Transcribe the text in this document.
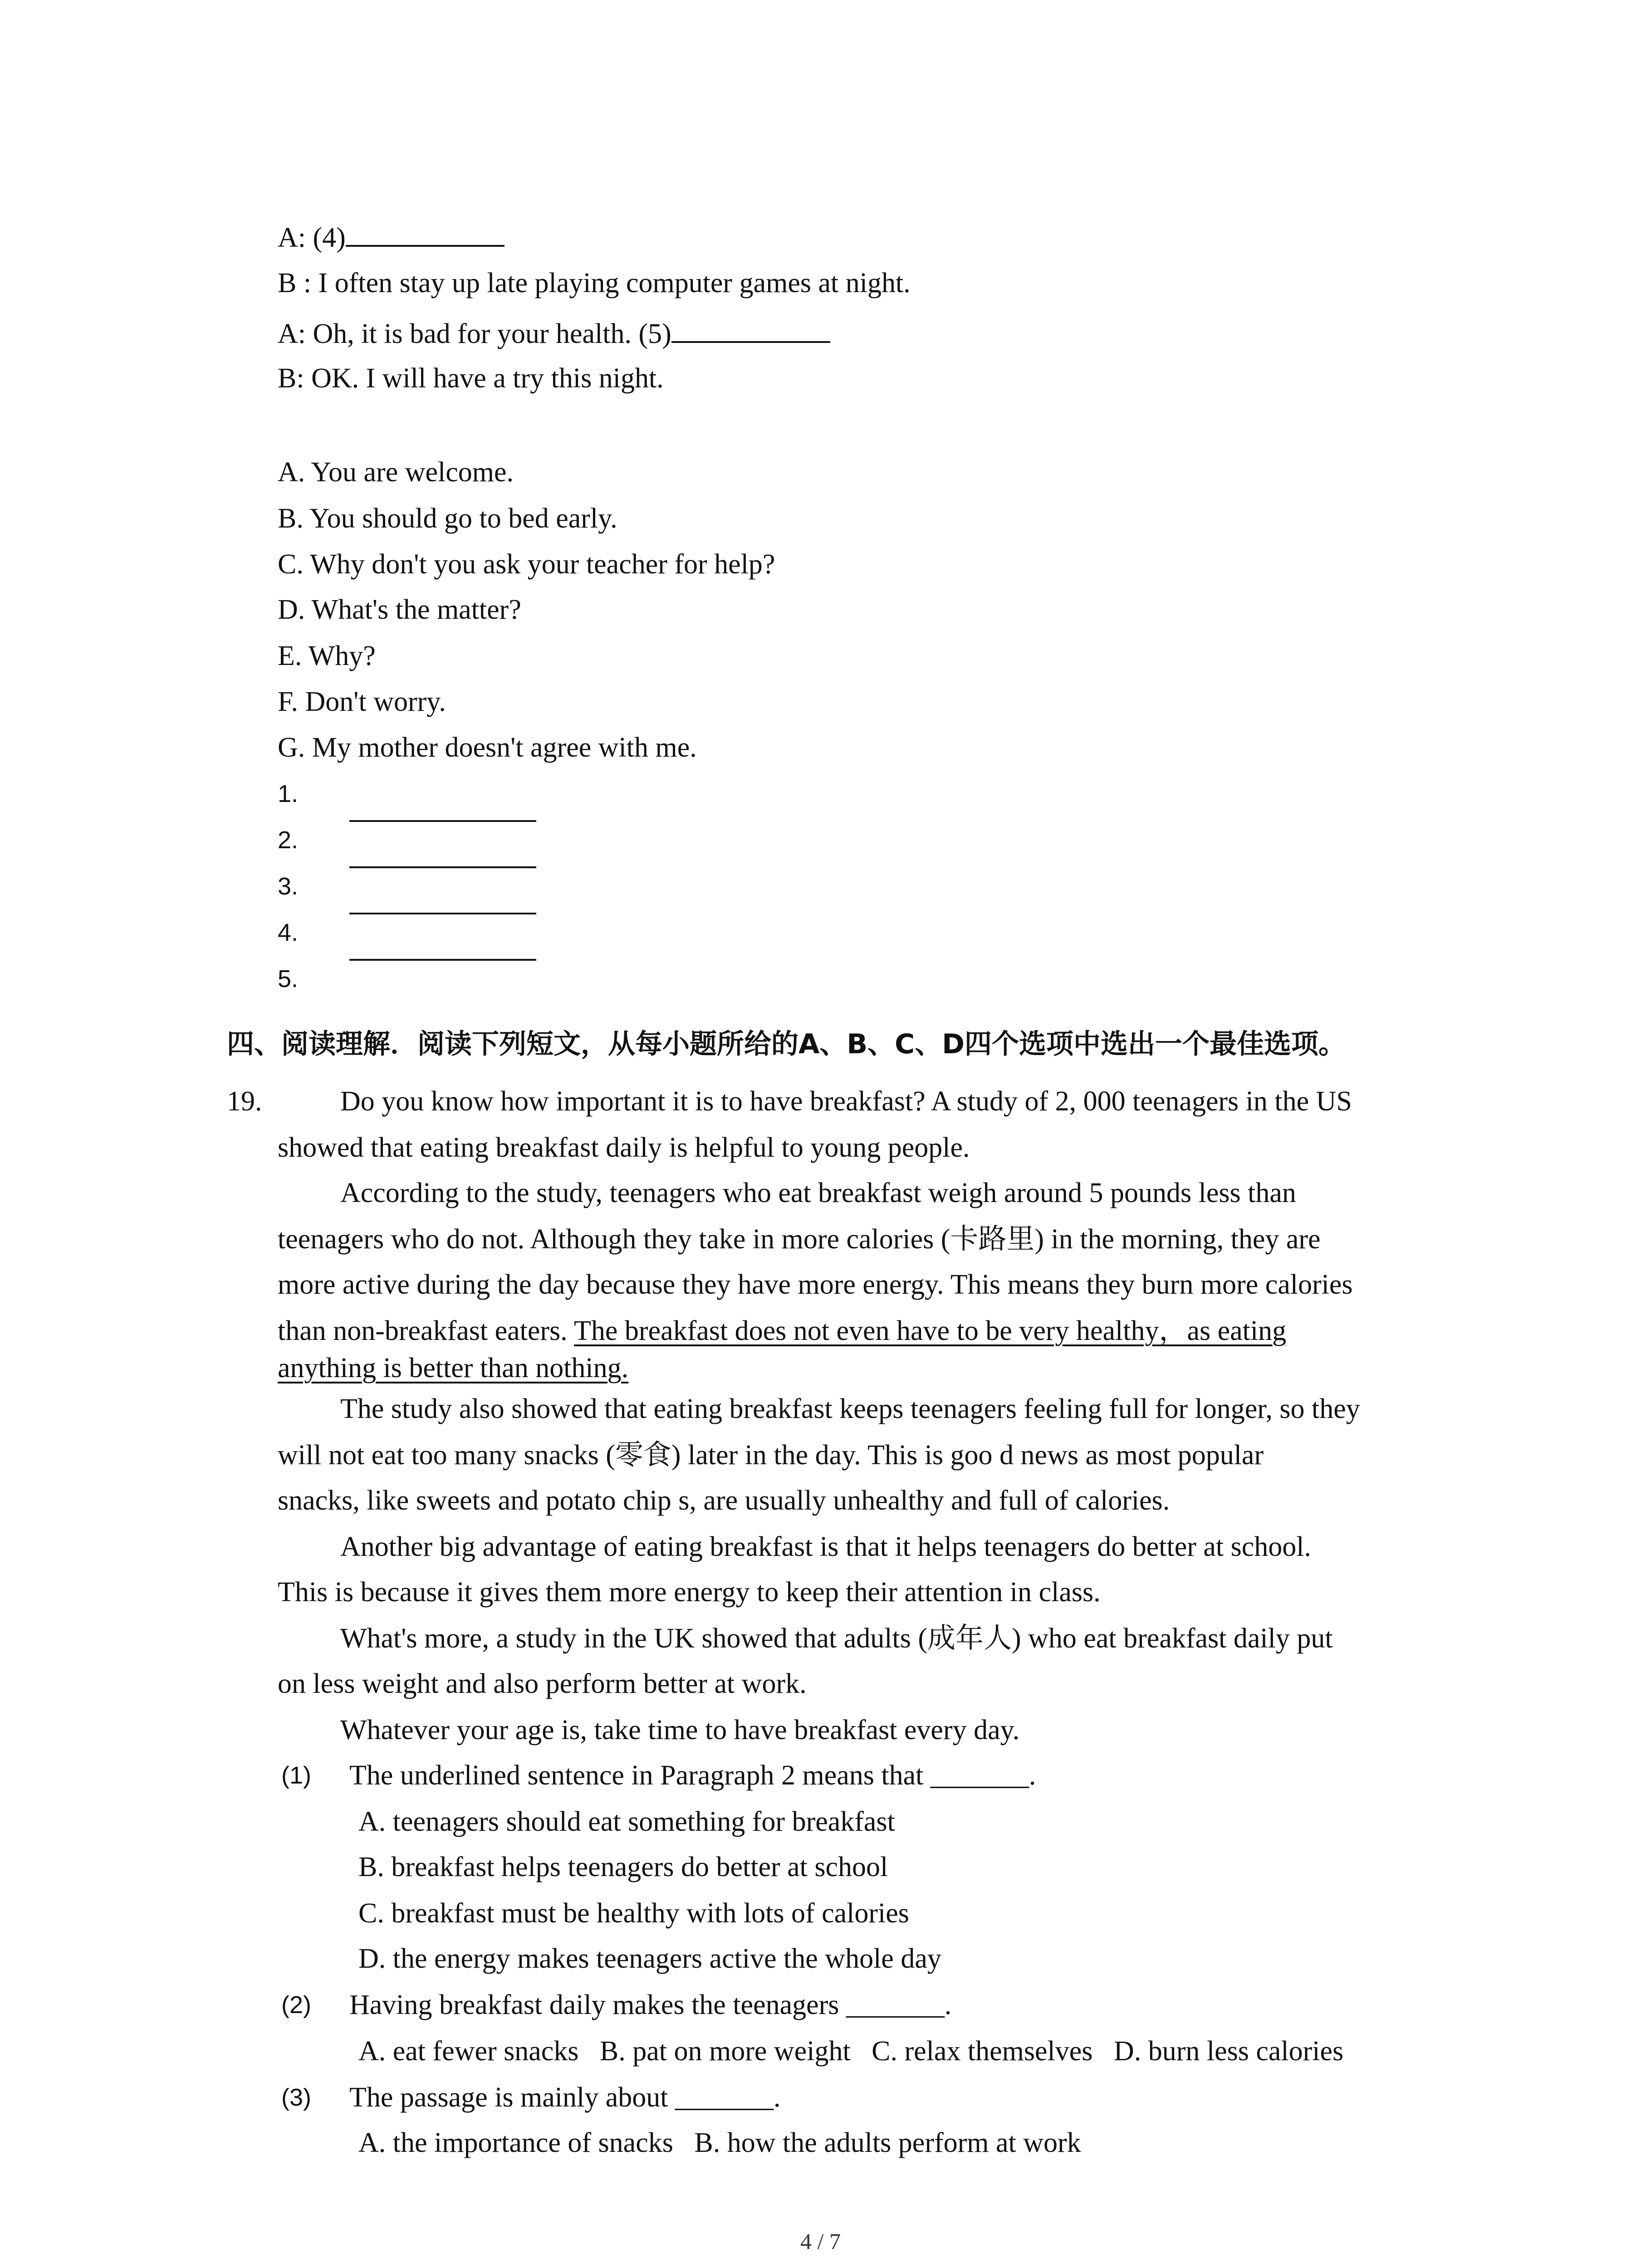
A: (4)
B : I often stay up late playing computer games at night.
A: Oh, it is bad for your health. (5)
B: OK. I will have a try this night.
A. You are welcome.
B. You should go to bed early.
C. Why don't you ask your teacher for help?
D. What's the matter?
E. Why?
F. Don't worry.
G. My mother doesn't agree with me.
1.
2.
3.
4.
5.
四、阅读理解．阅读下列短文，从每小题所给的A、B、C、D四个选项中选出一个最佳选项。
19.	Do you know how important it is to have breakfast? A study of 2, 000 teenagers in the US
showed that eating breakfast daily is helpful to young people.
According to the study, teenagers who eat breakfast weigh around 5 pounds less than
teenagers who do not. Although they take in more calories (卡路里) in the morning, they are
more active during the day because they have more energy. This means they burn more calories
than non-breakfast eaters. The breakfast does not even have to be very healthy，as eating
anything is better than nothing.
The study also showed that eating breakfast keeps teenagers feeling full for longer, so they
will not eat too many snacks (零食) later in the day. This is goo d news as most popular
snacks, like sweets and potato chip s, are usually unhealthy and full of calories.
Another big advantage of eating breakfast is that it helps teenagers do better at school.
This is because it gives them more energy to keep their attention in class.
What's more, a study in the UK showed that adults (成年人) who eat breakfast daily put
on less weight and also perform better at work.
Whatever your age is, take time to have breakfast every day.
(1) The underlined sentence in Paragraph 2 means that _______.
A. teenagers should eat something for breakfast
B. breakfast helps teenagers do better at school
C. breakfast must be healthy with lots of calories
D. the energy makes teenagers active the whole day
(2) Having breakfast daily makes the teenagers _______.
A. eat fewer snacks   B. pat on more weight   C. relax themselves   D. burn less calories
(3) The passage is mainly about _______.
A. the importance of snacks   B. how the adults perform at work
4 / 7
